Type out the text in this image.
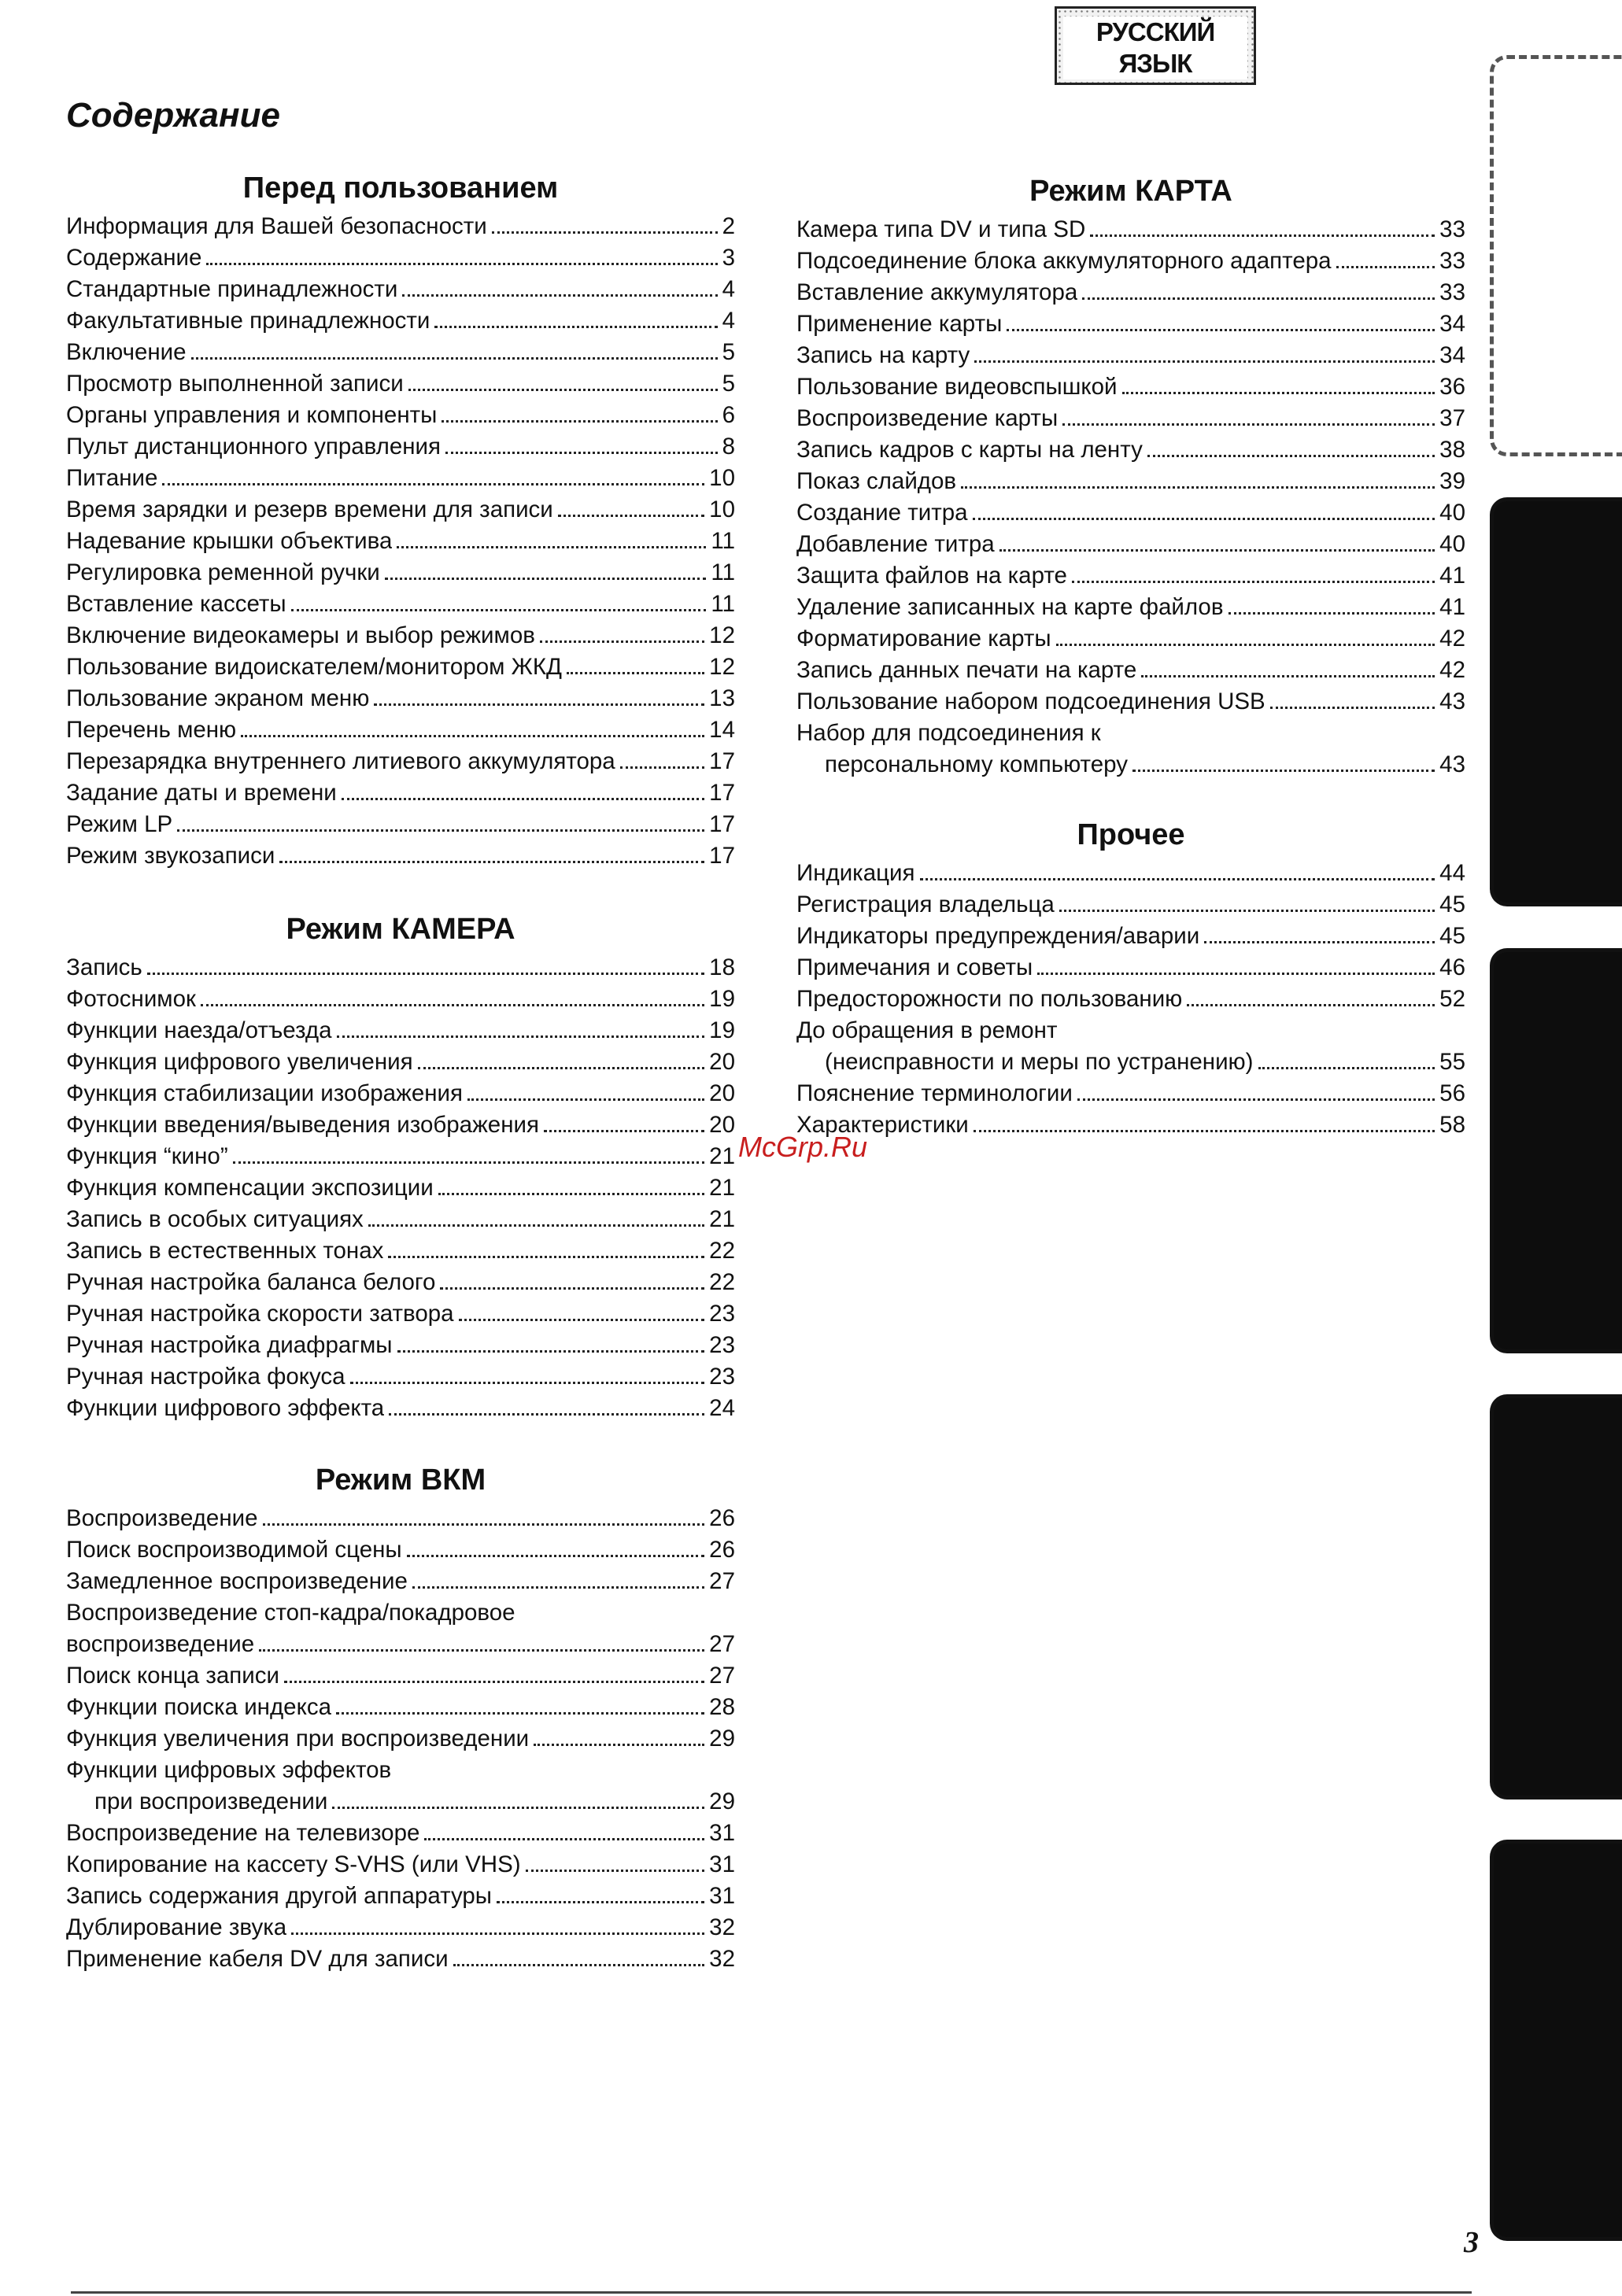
РУССКИЙ ЯЗЫК
Содержание
Перед пользованием
Информация для Вашей безопасности	2
Содержание	3
Стандартные принадлежности	4
Факультативные принадлежности	4
Включение	5
Просмотр выполненной записи	5
Органы управления и компоненты	6
Пульт дистанционного управления	8
Питание	10
Время зарядки и резерв времени для записи	10
Надевание крышки объектива	11
Регулировка ременной ручки	11
Вставление кассеты	11
Включение видеокамеры и выбор режимов	12
Пользование видоискателем/монитором ЖКД	12
Пользование экраном меню	13
Перечень меню	14
Перезарядка внутреннего литиевого аккумулятора	17
Задание даты и времени	17
Режим LP	17
Режим звукозаписи	17
Режим КАМЕРА
Запись	18
Фотоснимок	19
Функции наезда/отъезда	19
Функция цифрового увеличения	20
Функция стабилизации изображения	20
Функции введения/выведения изображения	20
Функция “кино”	21
Функция компенсации экспозиции	21
Запись в особых ситуациях	21
Запись в естественных тонах	22
Ручная настройка баланса белого	22
Ручная настройка скорости затвора	23
Ручная настройка диафрагмы	23
Ручная настройка фокуса	23
Функции цифрового эффекта	24
Режим ВКМ
Воспроизведение	26
Поиск воспроизводимой сцены	26
Замедленное воспроизведение	27
Воспроизведение стоп-кадра/покадровое
воспроизведение	27
Поиск конца записи	27
Функции поиска индекса	28
Функция увеличения при воспроизведении	29
Функции цифровых эффектов
при воспроизведении	29
Воспроизведение на телевизоре	31
Копирование на кассету S-VHS (или VHS)	31
Запись содержания другой аппаратуры	31
Дублирование звука	32
Применение кабеля DV для записи	32
Режим КАРТА
Камера типа DV и типа SD	33
Подсоединение блока аккумуляторного адаптера	33
Вставление аккумулятора	33
Применение карты	34
Запись на карту	34
Пользование видеовспышкой	36
Воспроизведение карты	37
Запись кадров с карты на ленту	38
Показ слайдов	39
Создание титра	40
Добавление титра	40
Защита файлов на карте	41
Удаление записанных на карте файлов	41
Форматирование карты	42
Запись данных печати на карте	42
Пользование набором подсоединения USB	43
Набор для подсоединения к
персональному компьютеру	43
Прочее
Индикация	44
Регистрация владельца	45
Индикаторы предупреждения/аварии	45
Примечания и советы	46
Предосторожности по пользованию	52
До обращения в ремонт
(неисправности и меры по устранению)	55
Пояснение терминологии	56
Характеристики	58
McGrp.Ru
3
